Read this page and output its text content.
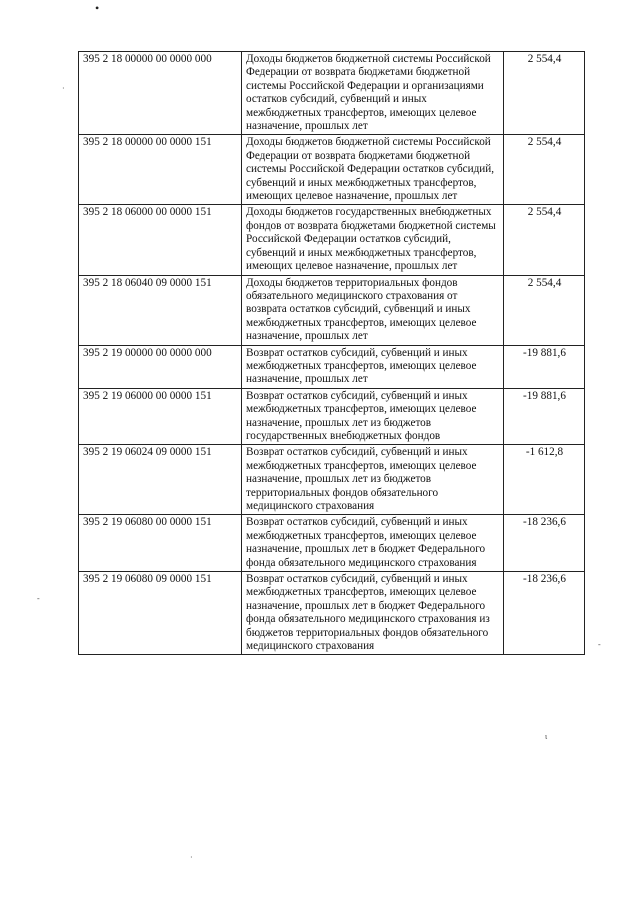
•
·
-
-
ι
·
395 2 18 00000 00 0000 000	Доходы бюджетов бюджетной системы Российской Федерации от возврата бюджетами бюджетной системы Российской Федерации и организациями остатков субсидий, субвенций и иных межбюджетных трансфертов, имеющих целевое назначение, прошлых лет	2 554,4
395 2 18 00000 00 0000 151	Доходы бюджетов бюджетной системы Российской Федерации от возврата бюджетами бюджетной системы Российской Федерации остатков субсидий, субвенций и иных межбюджетных трансфертов, имеющих целевое назначение, прошлых лет	2 554,4
395 2 18 06000 00 0000 151	Доходы бюджетов государственных внебюджетных фондов от возврата бюджетами бюджетной системы Российской Федерации остатков субсидий, субвенций и иных межбюджетных трансфертов, имеющих целевое назначение, прошлых лет	2 554,4
395 2 18 06040 09 0000 151	Доходы бюджетов территориальных фондов обязательного медицинского страхования от возврата остатков субсидий, субвенций и иных межбюджетных трансфертов, имеющих целевое назначение, прошлых лет	2 554,4
395 2 19 00000 00 0000 000	Возврат остатков субсидий, субвенций и иных межбюджетных трансфертов, имеющих целевое назначение, прошлых лет	-19 881,6
395 2 19 06000 00 0000 151	Возврат остатков субсидий, субвенций и иных межбюджетных трансфертов, имеющих целевое назначение, прошлых лет из бюджетов государственных внебюджетных фондов	-19 881,6
395 2 19 06024 09 0000 151	Возврат остатков субсидий, субвенций и иных межбюджетных трансфертов, имеющих целевое назначение, прошлых лет из бюджетов территориальных фондов обязательного медицинского страхования	-1 612,8
395 2 19 06080 00 0000 151	Возврат остатков субсидий, субвенций и иных межбюджетных трансфертов, имеющих целевое назначение, прошлых лет в бюджет Федерального фонда обязательного медицинского страхования	-18 236,6
395 2 19 06080 09 0000 151	Возврат остатков субсидий, субвенций и иных межбюджетных трансфертов, имеющих целевое назначение, прошлых лет в бюджет Федерального фонда обязательного медицинского страхования из бюджетов территориальных фондов обязательного медицинского страхования	-18 236,6
